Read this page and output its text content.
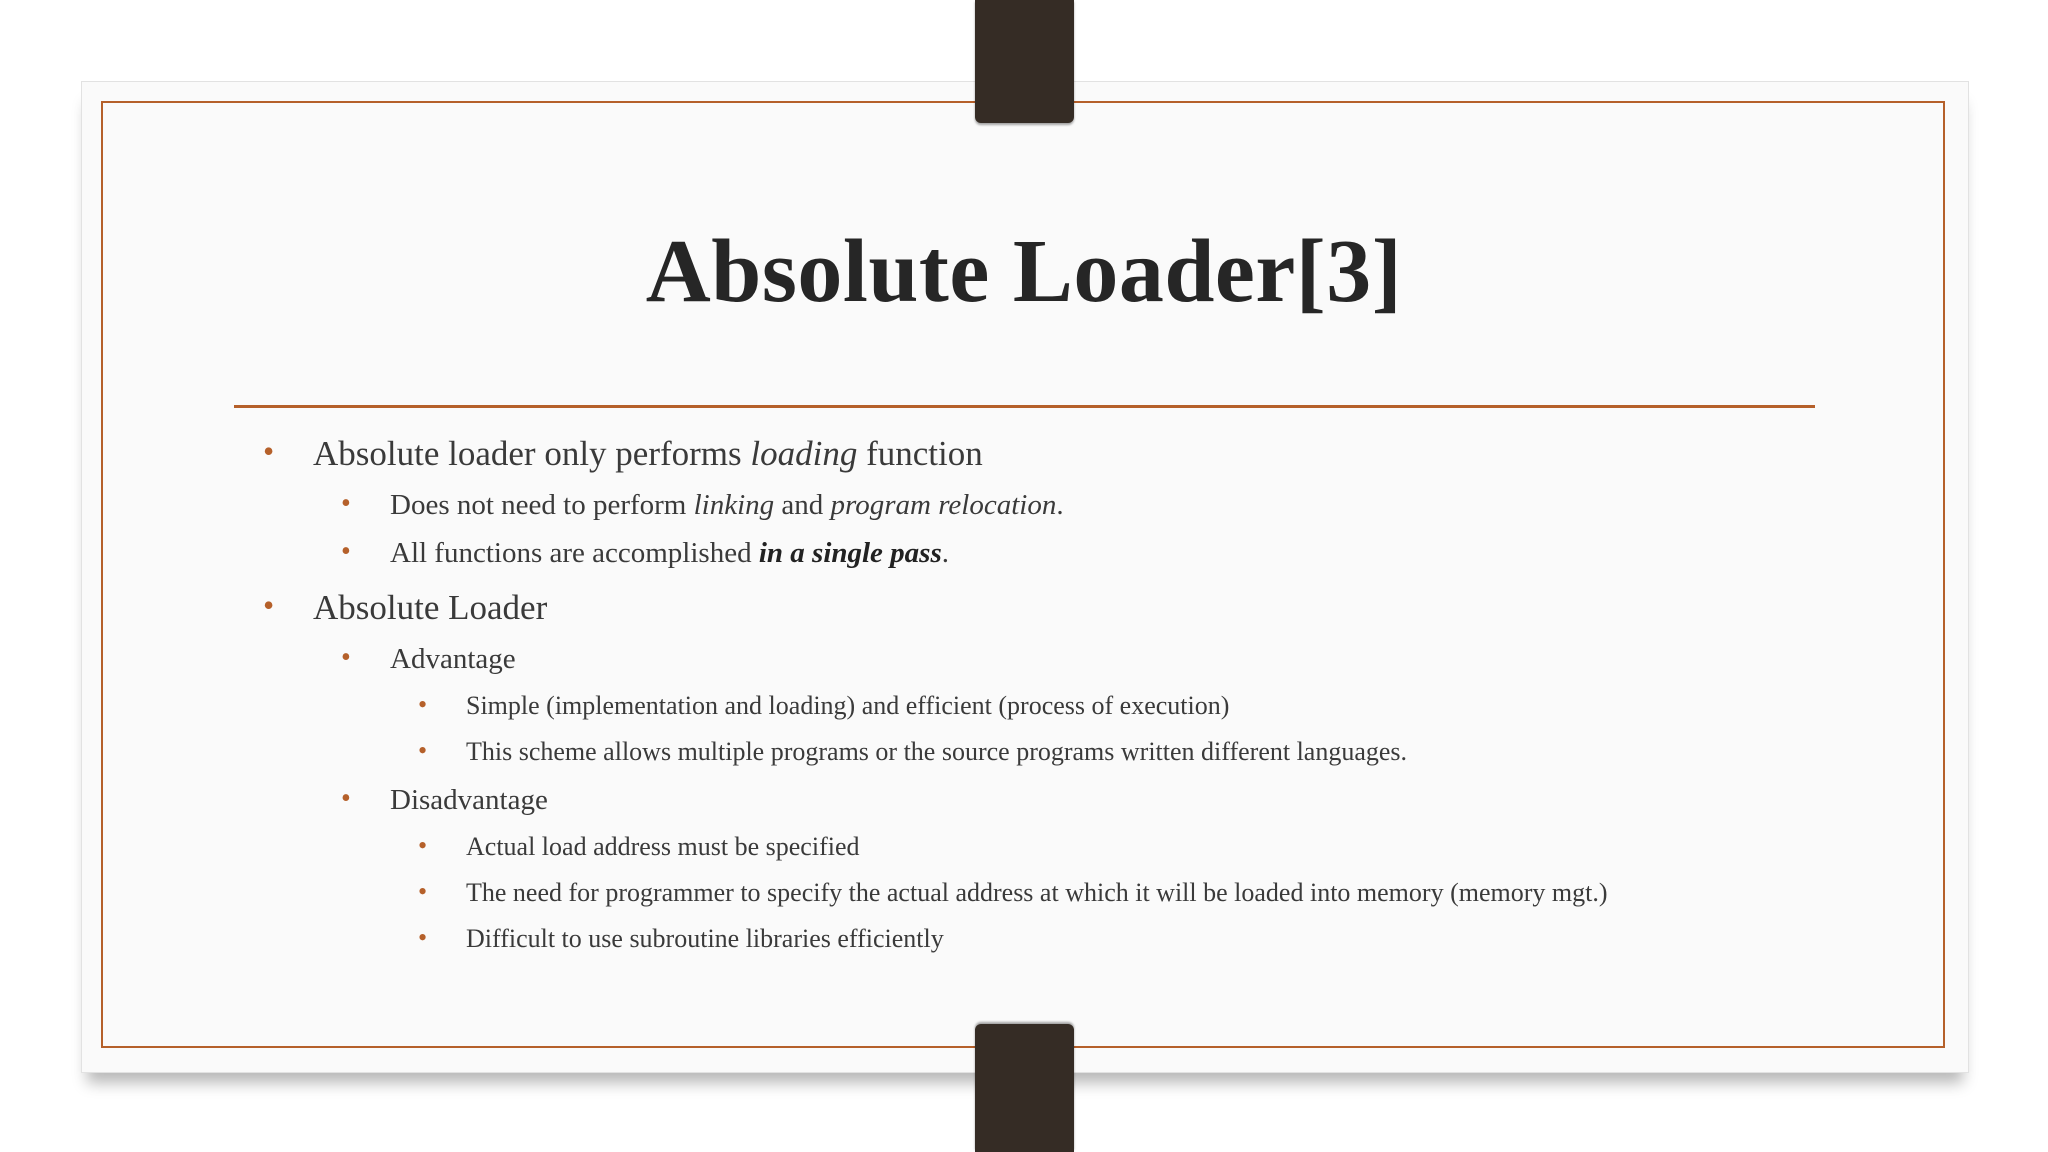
Absolute Loader[3]
• Absolute loader only performs loading function
• Does not need to perform linking and program relocation.
• All functions are accomplished in a single pass.
• Absolute Loader
• Advantage
• Simple (implementation and loading) and efficient (process of execution)
• This scheme allows multiple programs or the source programs written different languages.
• Disadvantage
• Actual load address must be specified
• The need for programmer to specify the actual address at which it will be loaded into memory (memory mgt.)
• Difficult to use subroutine libraries efficiently
